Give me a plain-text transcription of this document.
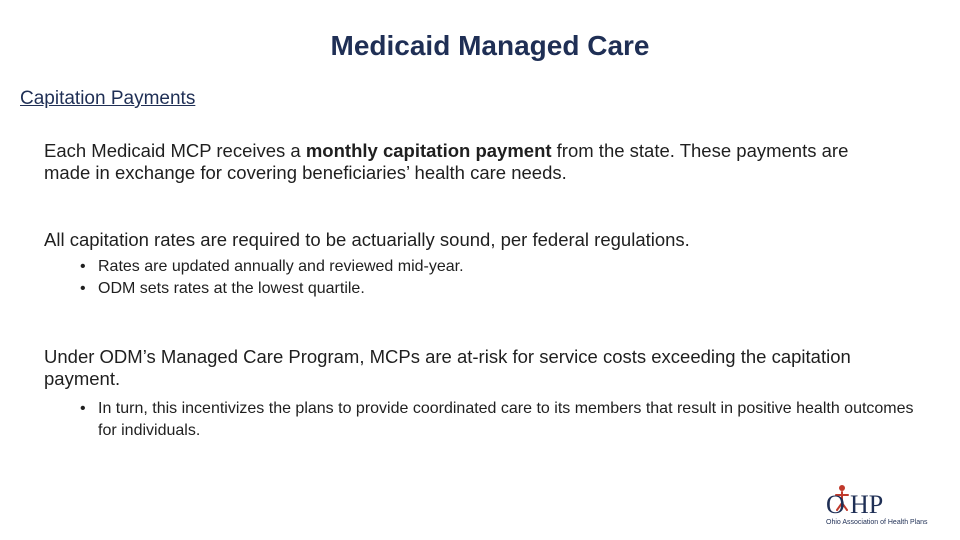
Medicaid Managed Care
Capitation Payments
Each Medicaid MCP receives a monthly capitation payment from the state. These payments are made in exchange for covering beneficiaries’ health care needs.
All capitation rates are required to be actuarially sound, per federal regulations.
• Rates are updated annually and reviewed mid-year.
• ODM sets rates at the lowest quartile.
Under ODM’s Managed Care Program, MCPs are at-risk for service costs exceeding the capitation payment.
• In turn, this incentivizes the plans to provide coordinated care to its members that result in positive health outcomes for individuals.
O HP
Ohio Association of Health Plans
